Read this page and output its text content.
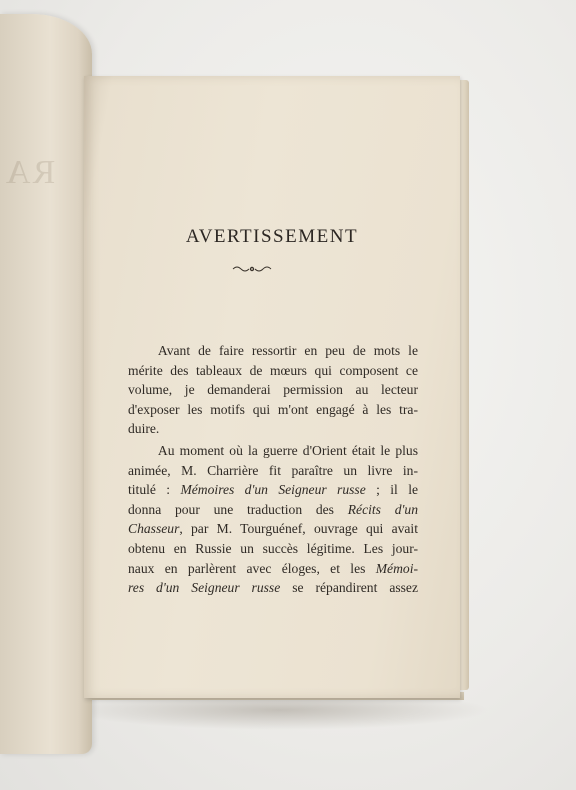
RA
AVERTISSEMENT

Avant de faire ressortir en peu de mots le
mérite des tableaux de mœurs qui composent ce
volume, je demanderai permission au lecteur
d'exposer les motifs qui m'ont engagé à les tra-
duire.

Au moment où la guerre d'Orient était le plus
animée, M. Charrière fit paraître un livre in-
titulé : Mémoires d'un Seigneur russe ; il le
donna pour une traduction des Récits d'un
Chasseur, par M. Tourguénef, ouvrage qui avait
obtenu en Russie un succès légitime. Les jour-
naux en parlèrent avec éloges, et les Mémoi-
res d'un Seigneur russe se répandirent assez
